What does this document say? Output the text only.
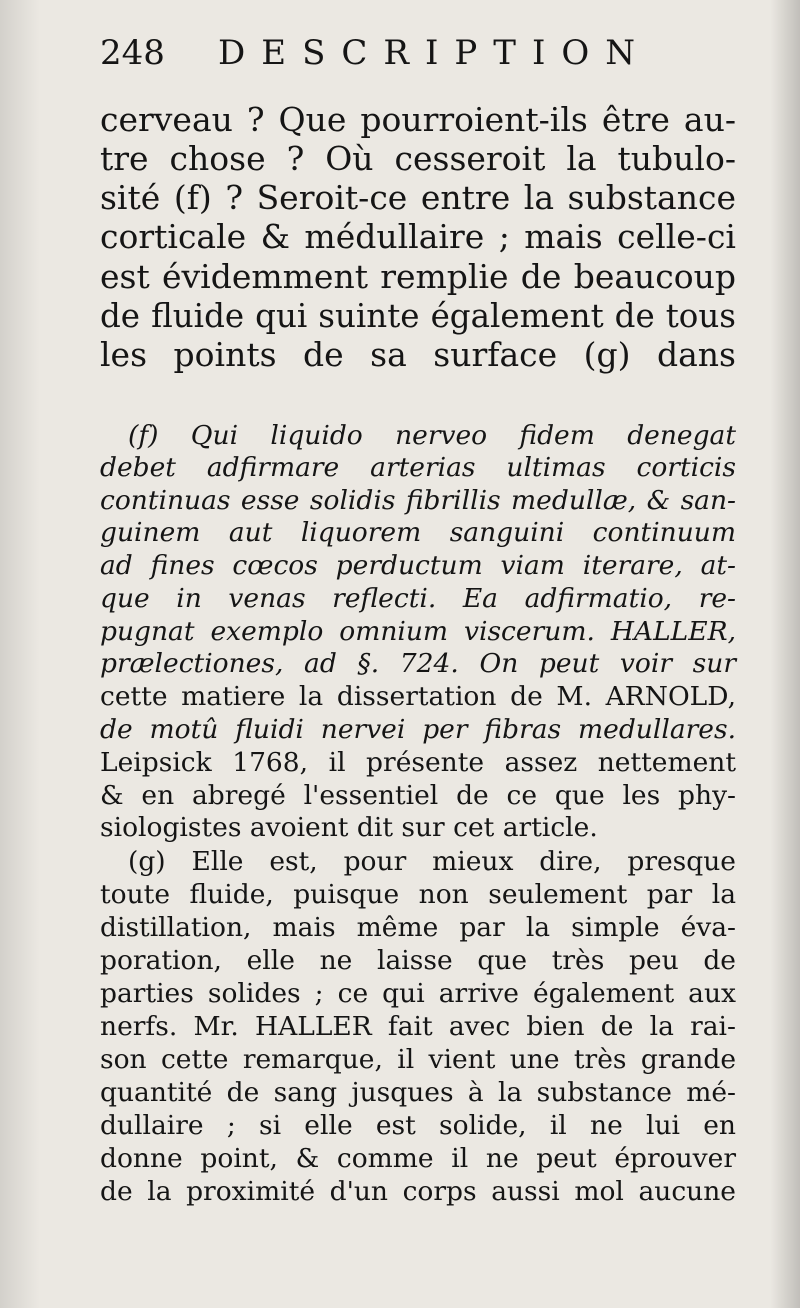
248 DESCRIPTION
cerveau ? Que pourroient-ils être au-
tre chose ? Où cesseroit la tubulo-
sité (f) ? Seroit-ce entre la substance
corticale & médullaire ; mais celle-ci
est évidemment remplie de beaucoup
de fluide qui suinte également de tous
les points de sa surface (g) dans
(f) Qui liquido nerveo fidem denegat
debet adfirmare arterias ultimas corticis
continuas esse solidis fibrillis medullæ, & san-
guinem aut liquorem sanguini continuum
ad fines cœcos perductum viam iterare, at-
que in venas reflecti. Ea adfirmatio, re-
pugnat exemplo omnium viscerum. HALLER,
prælectiones, ad §. 724. On peut voir sur
cette matiere la dissertation de M. ARNOLD,
de motû fluidi nervei per fibras medullares.
Leipsick 1768, il présente assez nettement
& en abregé l'essentiel de ce que les phy-
siologistes avoient dit sur cet article.
(g) Elle est, pour mieux dire, presque
toute fluide, puisque non seulement par la
distillation, mais même par la simple éva-
poration, elle ne laisse que très peu de
parties solides ; ce qui arrive également aux
nerfs. Mr. HALLER fait avec bien de la rai-
son cette remarque, il vient une très grande
quantité de sang jusques à la substance mé-
dullaire ; si elle est solide, il ne lui en
donne point, & comme il ne peut éprouver
de la proximité d'un corps aussi mol aucune
